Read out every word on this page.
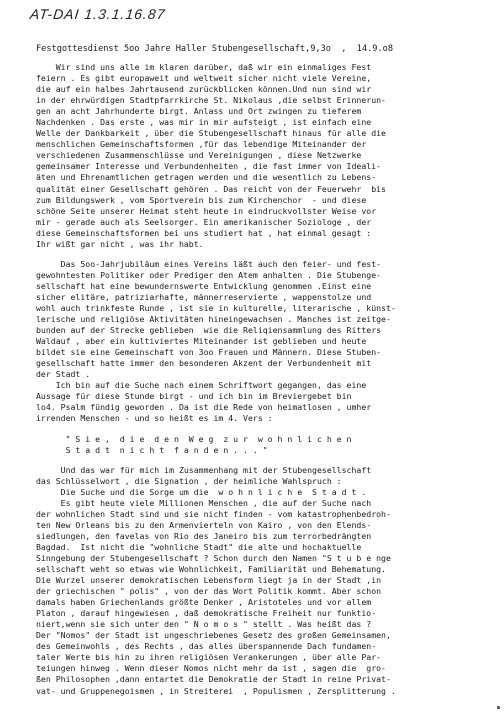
AT-DAI 1.3.1.16.87
Festgottesdienst 5oo Jahre Haller Stubengesellschaft,9,3o  ,  14.9.o8
Wir sind uns alle im klaren darüber, daß wir ein einmaliges Fest
feiern . Es gibt europaweit und weltweit sicher nicht viele Vereine,
die auf ein halbes Jahrtausend zurückblicken können.Und nun sind wir
in der ehrwürdigen Stadtpfarrkirche St. Nikolaus ,die selbst Erinnerun-
gen an acht Jahrhunderte birgt. Anlass und Ort zwingen zu tieferem
Nachdenken . Das erste , was mir in mir aufsteigt , ist einfach eine
Welle der Dankbarkeit , über die Stubengesellschaft hinaus für alle die
menschlichen Gemeinschaftsformen ,für das lebendige Miteinander der
verschiedenen Zusammenschlüsse und Vereinigungen , diese Netzwerke
gemeinsamer Interesse und Verbundenheiten , die fast immer von Ideali-
äten und Ehrenamtlichen getragen werden und die wesentlich zu Lebens-
qualität einer Gesellschaft gehören . Das reicht von der Feuerwehr  bis
zum Bildungswerk , vom Sportverein bis zum Kirchenchor  - und diese
schöne Seite unserer Heimat steht heute in eindruckvollster Weise vor
mir - gerade auch als Seelsorger. Ein amerikanischer Soziologe , der
diese Gemeinschaftsformen bei uns studiert hat , hat einmal gesagt :
Ihr wißt gar nicht , was ihr habt.
Das 5oo-Jahrjubiläum eines Vereins läßt auch den feier- und fest-
gewohntesten Politiker oder Prediger den Atem anhalten . Die Stubenge-
sellschaft hat eine bewundernswerte Entwicklung genommen .Einst eine
sicher elitäre, patriziarhafte, männerreservierte , wappenstolze und
wohl auch trinkfeste Runde , ist sie in kulturelle, literarische , künst-
lerische und religiöse Aktivitäten hineingewachsen . Manches ist zeitge-
bunden auf der Strecke geblieben  wie die Reliqiensammlung des Ritters
Waldauf , aber ein kultiviertes Miteinander ist geblieben und heute
bildet sie eine Gemeinschaft von 3oo Frauen und Männern. Diese Stuben-
gesellschaft hatte immer den besonderen Akzent der Verbundenheit mit
der Stadt .
Ich bin auf die Suche nach einem Schriftwort gegangen, das eine
Aussage für diese Stunde birgt - und ich bin im Breviergebet bin
lo4. Psalm fündig geworden . Da ist die Rede von heimatlosen , umher
irrenden Menschen - und so heißt es im 4. Vers :
" S i e ,  d i e  d e n  W e g  z u r  w o h n l i c h e n
S t a d t  n i c h t  f a n d e n . . . "
Und das war für mich im Zusammenhang mit der Stubengesellschaft
das Schlüsselwort , die Signation , der heimliche Wahlspruch :
Die Suche und die Sorge um die  w o h n l i c h e  S t a d t .
Es gibt heute viele Millionen Menschen , die auf der Suche nach
der wohnlichen Stadt sind und sie nicht finden - vom katastrophenbedroh-
ten New Orleans bis zu den Armenvierteln von Kairo , von den Elends-
siedlungen, den favelas von Rio des Janeiro bis zum terrorbedrängten
Bagdad.  Ist nicht die "wohnliche Stadt" die alte und hochaktuelle
Sinngebung der Stubengesellschaft ? Schon durch den Namen "S t u b e nge
sellschaft weht so etwas wie Wohnlichkeit, Familiarität und Behematung.
Die Wurzel unserer demokratischen Lebensform liegt ja in der Stadt ,in
der griechischen " polis" , von der das Wort Politik kommt. Aber schon
damals haben Griechenlands größte Denker , Aristoteles und vor allem
Platon , darauf hingewiesen , daß demokratische Freiheit nur funktio-
niert,wenn sie sich unter den " N o m o s " stellt . Was heißt das ?
Der "Nomos" der Stadt ist ungeschriebenes Gesetz des großen Gemeinsamen,
des Gemeinwohls , des Rechts , das alles überspannende Dach fundamen-
taler Werte bis hin zu ihren religiösen Verankerungen , über alle Par-
teiungen hinweg . Wenn dieser Nomos nicht mehr da ist , sagen die  gro-
ßen Philosophen ,dann entartet die Demokratie der Stadt in reine Privat-
vat- und Gruppenegoismen , in Streiterei  , Populismen , Zersplitterung .
